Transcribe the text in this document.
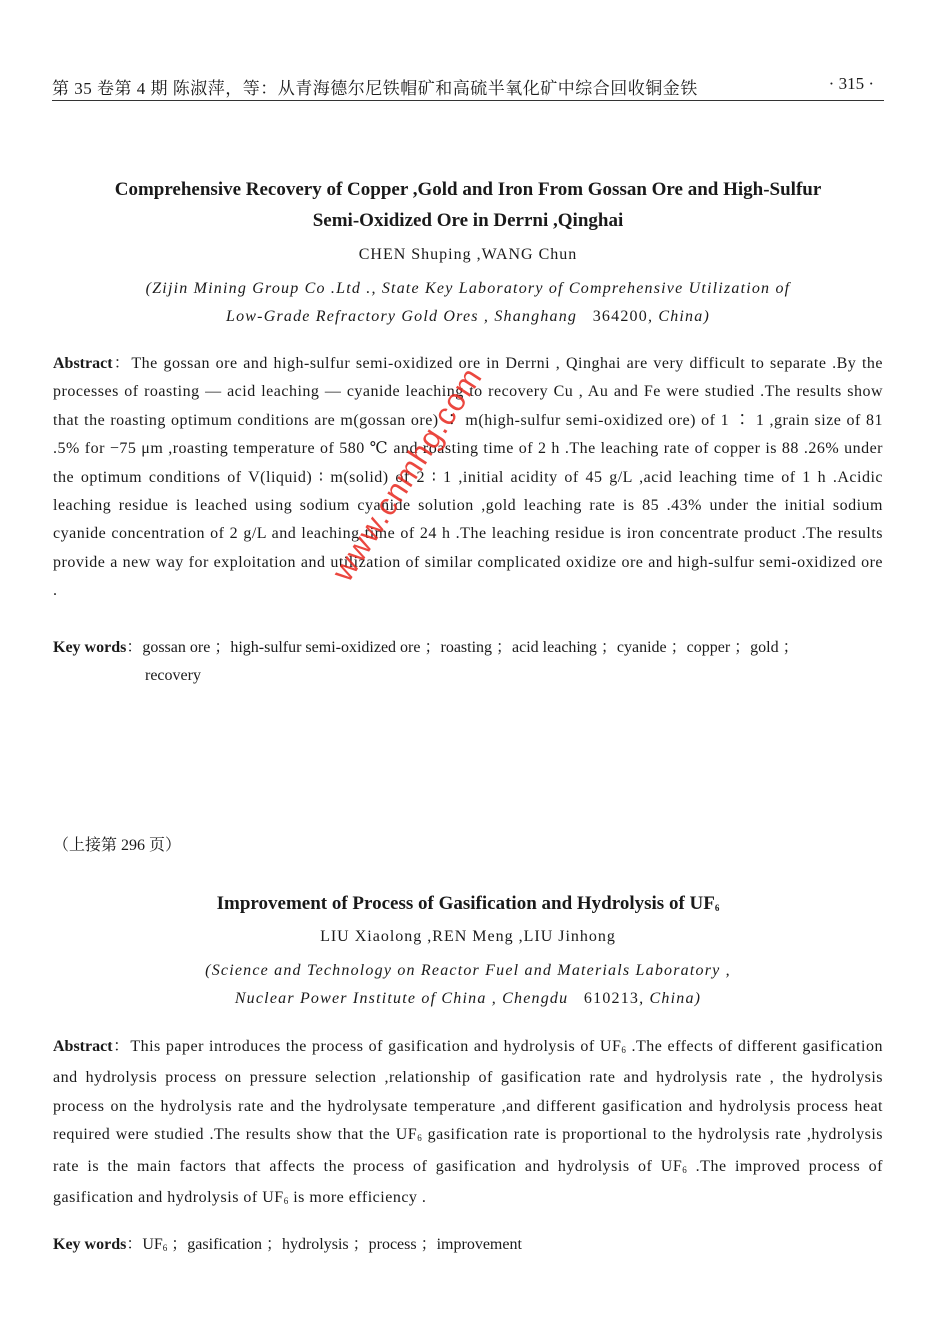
第 35 卷第 4 期 陈淑萍，等：从青海德尔尼铁帽矿和高硫半氧化矿中综合回收铜金铁	· 315 ·
Comprehensive Recovery of Copper ,Gold and Iron From Gossan Ore and High-Sulfur
Semi-Oxidized Ore in Derrni ,Qinghai
CHEN Shuping ,WANG Chun
(Zijin Mining Group Co .Ltd ., State Key Laboratory of Comprehensive Utilization of
Low-Grade Refractory Gold Ores , Shanghang 364200, China)
Abstract：The gossan ore and high-sulfur semi-oxidized ore in Derrni , Qinghai are very difficult to separate .By the processes of roasting — acid leaching — cyanide leaching to recovery Cu , Au and Fe were studied .The results show that the roasting optimum conditions are m(gossan ore) ∶ m(high-sulfur semi-oxidized ore) of 1 ∶ 1 ,grain size of 81 .5% for −75 μm ,roasting temperature of 580 ℃ and roasting time of 2 h .The leaching rate of copper is 88 .26% under the optimum conditions of V(liquid) ∶ m(solid) of 2 ∶ 1 ,initial acidity of 45 g/L ,acid leaching time of 1 h .Acidic leaching residue is leached using sodium cyanide solution ,gold leaching rate is 85 .43% under the initial sodium cyanide concentration of 2 g/L and leaching time of 24 h .The leaching residue is iron concentrate product .The results provide a new way for exploitation and utilization of similar complicated oxidize ore and high-sulfur semi-oxidized ore .
Key words：gossan ore ；high-sulfur semi-oxidized ore ；roasting ；acid leaching ；cyanide ；copper ；gold ；
recovery
www.cnmhg.com
（上接第 296 页）
Improvement of Process of Gasification and Hydrolysis of $UF_6$
LIU Xiaolong ,REN Meng ,LIU Jinhong
(Science and Technology on Reactor Fuel and Materials Laboratory ,
Nuclear Power Institute of China , Chengdu 610213, China)
Abstract：This paper introduces the process of gasification and hydrolysis of $UF_6$ .The effects of different gasification and hydrolysis process on pressure selection ,relationship of gasification rate and hydrolysis rate , the hydrolysis process on the hydrolysis rate and the hydrolysate temperature ,and different gasification and hydrolysis process heat required were studied .The results show that the $UF_6$ gasification rate is proportional to the hydrolysis rate ,hydrolysis rate is the main factors that affects the process of gasification and hydrolysis of $UF_6$ .The improved process of gasification and hydrolysis of $UF_6$ is more efficiency .
Key words：$UF_6$ ；gasification ；hydrolysis ；process ；improvement
